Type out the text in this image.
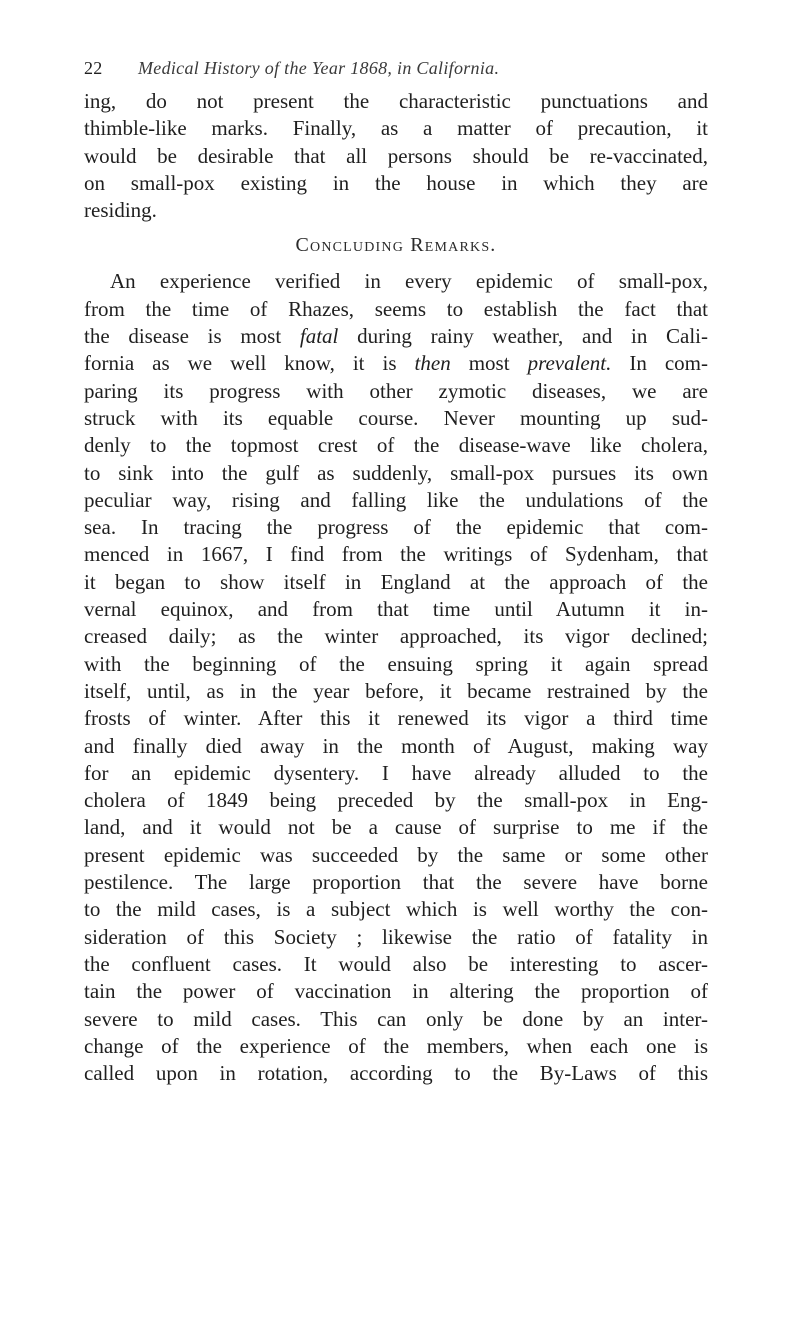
22 Medical History of the Year 1868, in California.

ing, do not present the characteristic punctuations and
thimble-like marks. Finally, as a matter of precaution, it
would be desirable that all persons should be re-vaccinated,
on small-pox existing in the house in which they are
residing.

Concluding Remarks.

An experience verified in every epidemic of small-pox,
from the time of Rhazes, seems to establish the fact that
the disease is most fatal during rainy weather, and in Cali-
fornia as we well know, it is then most prevalent. In com-
paring its progress with other zymotic diseases, we are
struck with its equable course. Never mounting up sud-
denly to the topmost crest of the disease-wave like cholera,
to sink into the gulf as suddenly, small-pox pursues its own
peculiar way, rising and falling like the undulations of the
sea. In tracing the progress of the epidemic that com-
menced in 1667, I find from the writings of Sydenham, that
it began to show itself in England at the approach of the
vernal equinox, and from that time until Autumn it in-
creased daily; as the winter approached, its vigor declined;
with the beginning of the ensuing spring it again spread
itself, until, as in the year before, it became restrained by the
frosts of winter. After this it renewed its vigor a third time
and finally died away in the month of August, making way
for an epidemic dysentery. I have already alluded to the
cholera of 1849 being preceded by the small-pox in Eng-
land, and it would not be a cause of surprise to me if the
present epidemic was succeeded by the same or some other
pestilence. The large proportion that the severe have borne
to the mild cases, is a subject which is well worthy the con-
sideration of this Society ; likewise the ratio of fatality in
the confluent cases. It would also be interesting to ascer-
tain the power of vaccination in altering the proportion of
severe to mild cases. This can only be done by an inter-
change of the experience of the members, when each one is
called upon in rotation, according to the By-Laws of this
